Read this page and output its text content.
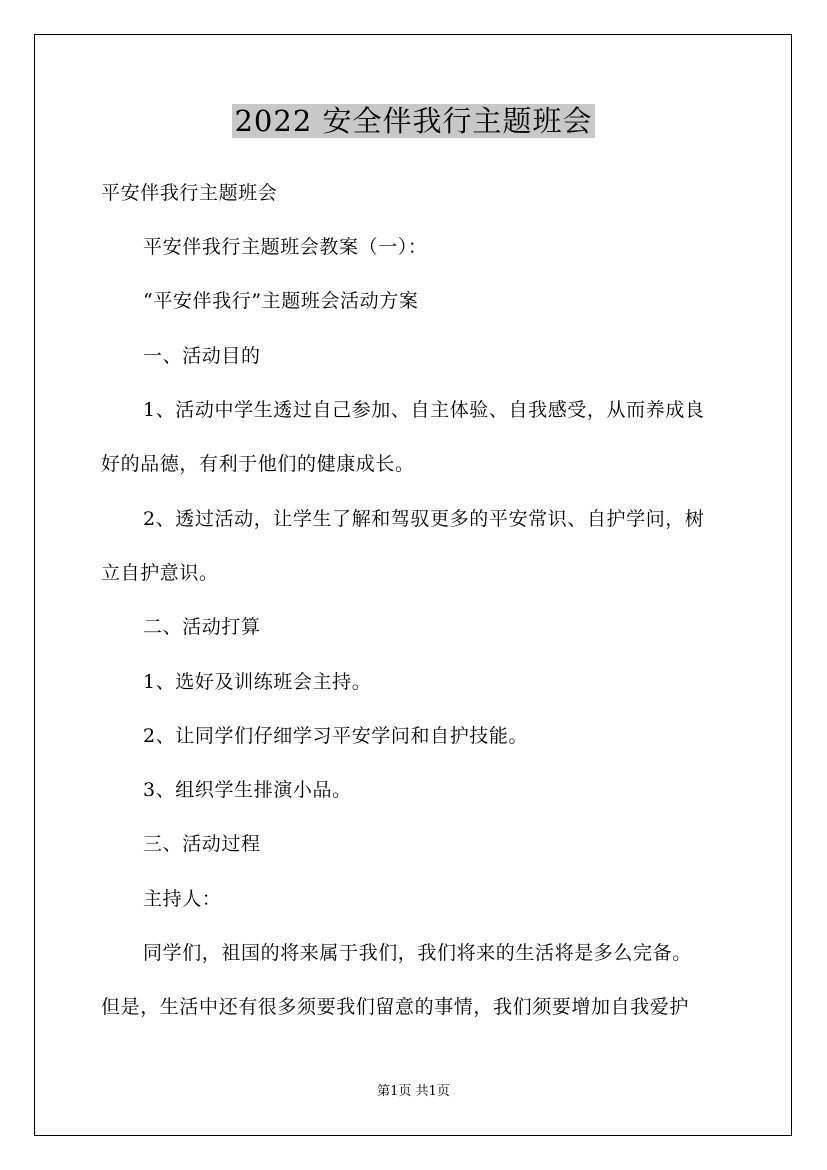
2022 安全伴我行主题班会
平安伴我行主题班会
平安伴我行主题班会教案（一）：
“平安伴我行”主题班会活动方案
一、活动目的
1、活动中学生透过自己参加、自主体验、自我感受，从而养成良
好的品德，有利于他们的健康成长。
2、透过活动，让学生了解和驾驭更多的平安常识、自护学问，树
立自护意识。
二、活动打算
1、选好及训练班会主持。
2、让同学们仔细学习平安学问和自护技能。
3、组织学生排演小品。
三、活动过程
主持人：
同学们，祖国的将来属于我们，我们将来的生活将是多么完备。
但是，生活中还有很多须要我们留意的事情，我们须要增加自我爱护
第1页 共1页
